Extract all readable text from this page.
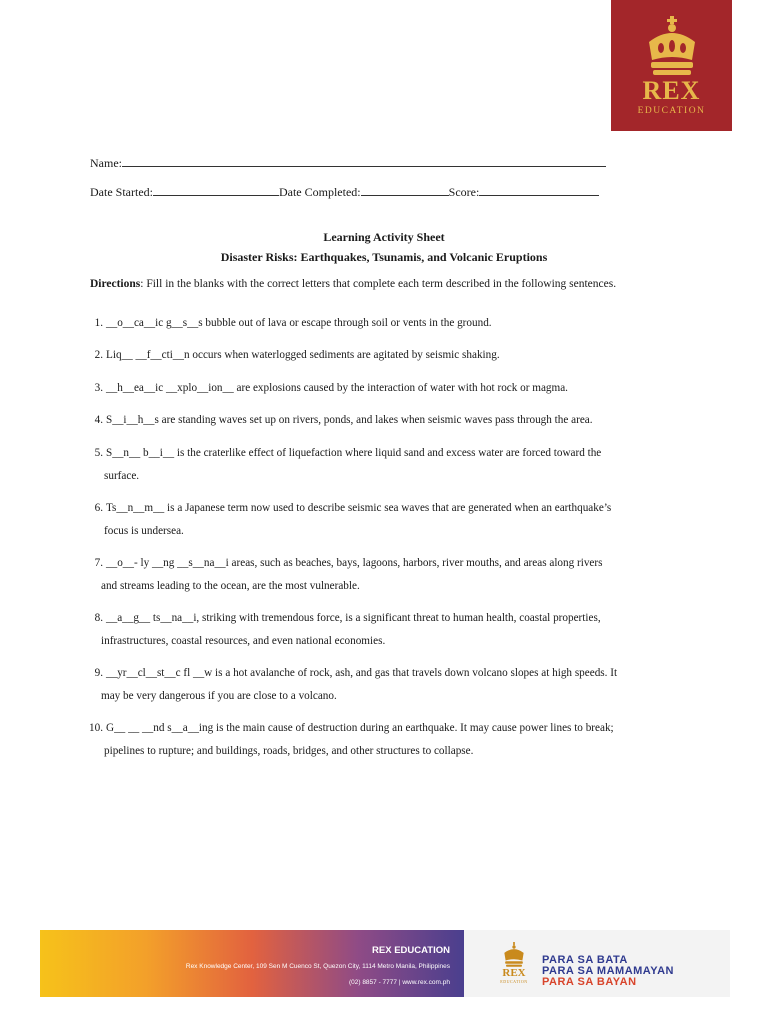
REX
EDUCATION
Name:
Date Started:	Date Completed:	Score:
Learning Activity Sheet
Disaster Risks: Earthquakes, Tsunamis, and Volcanic Eruptions
Directions: Fill in the blanks with the correct letters that complete each term described in the following sentences.
1. __o__ca__ic g__s__s bubble out of lava or escape through soil or vents in the ground.
2. Liq__ __f__cti__n occurs when waterlogged sediments are agitated by seismic shaking.
3. __h__ea__ic __xplo__ion__ are explosions caused by the interaction of water with hot rock or magma.
4. S__i__h__s are standing waves set up on rivers, ponds, and lakes when seismic waves pass through the area.
5. S__n__ b__i__ is the craterlike effect of liquefaction where liquid sand and excess water are forced toward the
surface.
6. Ts__n__m__ is a Japanese term now used to describe seismic sea waves that are generated when an earthquake’s
focus is undersea.
7. __o__- ly __ng __s__na__i areas, such as beaches, bays, lagoons, harbors, river mouths, and areas along rivers
and streams leading to the ocean, are the most vulnerable.
8. __a__g__ ts__na__i, striking with tremendous force, is a significant threat to human health, coastal properties,
infrastructures, coastal resources, and even national economies.
9. __yr__cl__st__c fl __w is a hot avalanche of rock, ash, and gas that travels down volcano slopes at high speeds. It
may be very dangerous if you are close to a volcano.
10. G__ __ __nd s__a__ing is the main cause of destruction during an earthquake. It may cause power lines to break;
pipelines to rupture; and buildings, roads, bridges, and other structures to collapse.
REX EDUCATION
Rex Knowledge Center, 109 Sen M Cuenco St, Quezon City, 1114 Metro Manila, Philippines
(02) 8857 - 7777 | www.rex.com.ph
REX
EDUCATION
PARA SA BATA
PARA SA MAMAMAYAN
PARA SA BAYAN
